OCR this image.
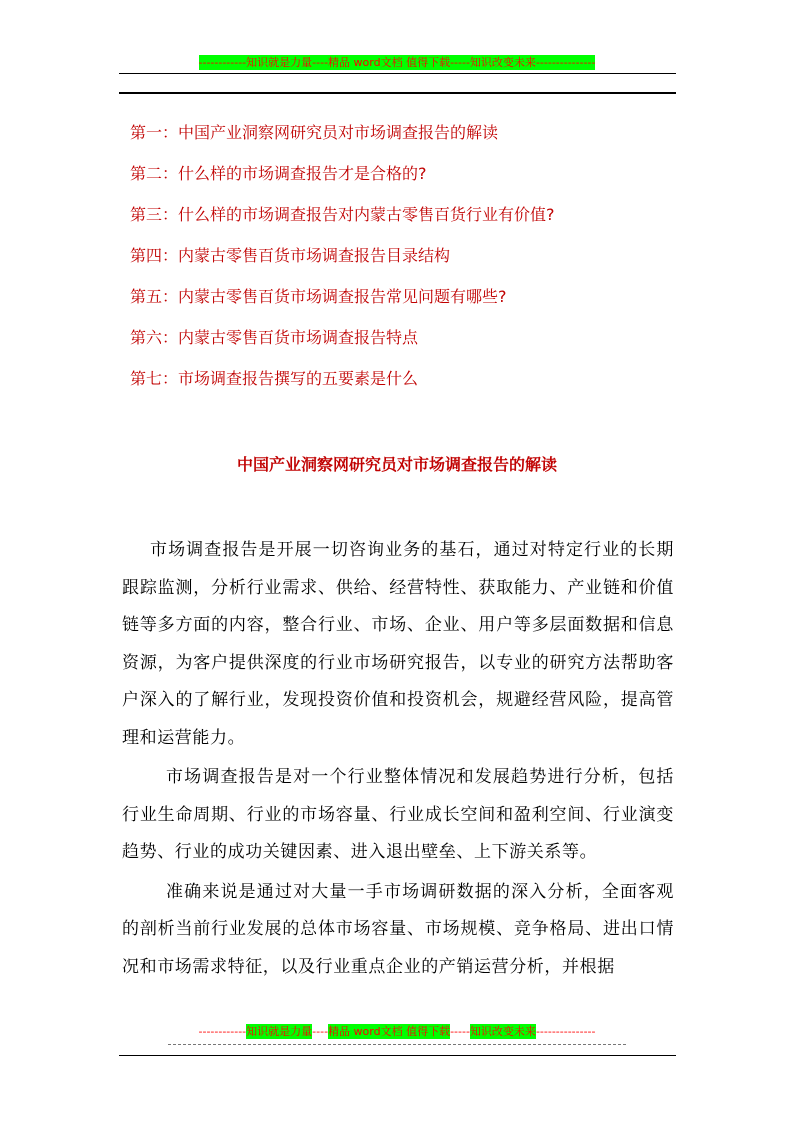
------------知识就是力量----精品 word文档 值得下载-----知识改变未来---------------
第一：中国产业洞察网研究员对市场调查报告的解读
第二：什么样的市场调查报告才是合格的?
第三：什么样的市场调查报告对内蒙古零售百货行业有价值?
第四：内蒙古零售百货市场调查报告目录结构
第五：内蒙古零售百货市场调查报告常见问题有哪些?
第六：内蒙古零售百货市场调查报告特点
第七：市场调查报告撰写的五要素是什么
中国产业洞察网研究员对市场调查报告的解读

市场调查报告是开展一切咨询业务的基石，通过对特定行业的长期跟踪监测，分析行业需求、供给、经营特性、获取能力、产业链和价值链等多方面的内容，整合行业、市场、企业、用户等多层面数据和信息资源，为客户提供深度的行业市场研究报告，以专业的研究方法帮助客户深入的了解行业，发现投资价值和投资机会，规避经营风险，提高管理和运营能力。

市场调查报告是对一个行业整体情况和发展趋势进行分析，包括行业生命周期、行业的市场容量、行业成长空间和盈利空间、行业演变趋势、行业的成功关键因素、进入退出壁垒、上下游关系等。

准确来说是通过对大量一手市场调研数据的深入分析，全面客观的剖析当前行业发展的总体市场容量、市场规模、竞争格局、进出口情况和市场需求特征，以及行业重点企业的产销运营分析，并根据

------------知识就是力量----精品 word文档 值得下载-----知识改变未来---------------
